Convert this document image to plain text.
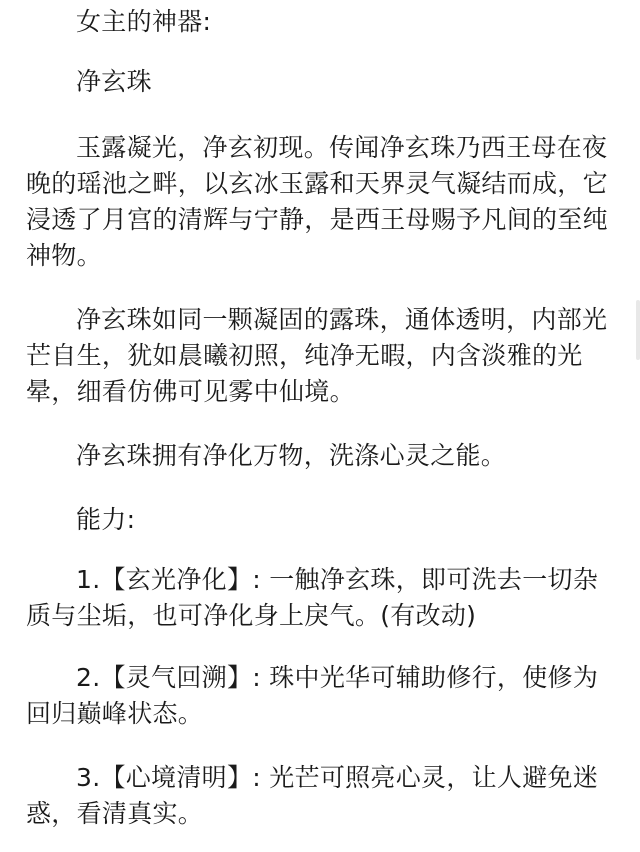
女主的神器:

净玄珠

玉露凝光，净玄初现。传闻净玄珠乃西王母在夜晚的瑶池之畔，以玄冰玉露和天界灵气凝结而成，它浸透了月宫的清辉与宁静，是西王母赐予凡间的至纯神物。

净玄珠如同一颗凝固的露珠，通体透明，内部光芒自生，犹如晨曦初照，纯净无暇，内含淡雅的光晕，细看仿佛可见雾中仙境。

净玄珠拥有净化万物，洗涤心灵之能。

能力:

1.【玄光净化】: 一触净玄珠，即可洗去一切杂质与尘垢，也可净化身上戾气。(有改动)

2.【灵气回溯】: 珠中光华可辅助修行，使修为回归巅峰状态。

3.【心境清明】: 光芒可照亮心灵，让人避免迷惑，看清真实。
